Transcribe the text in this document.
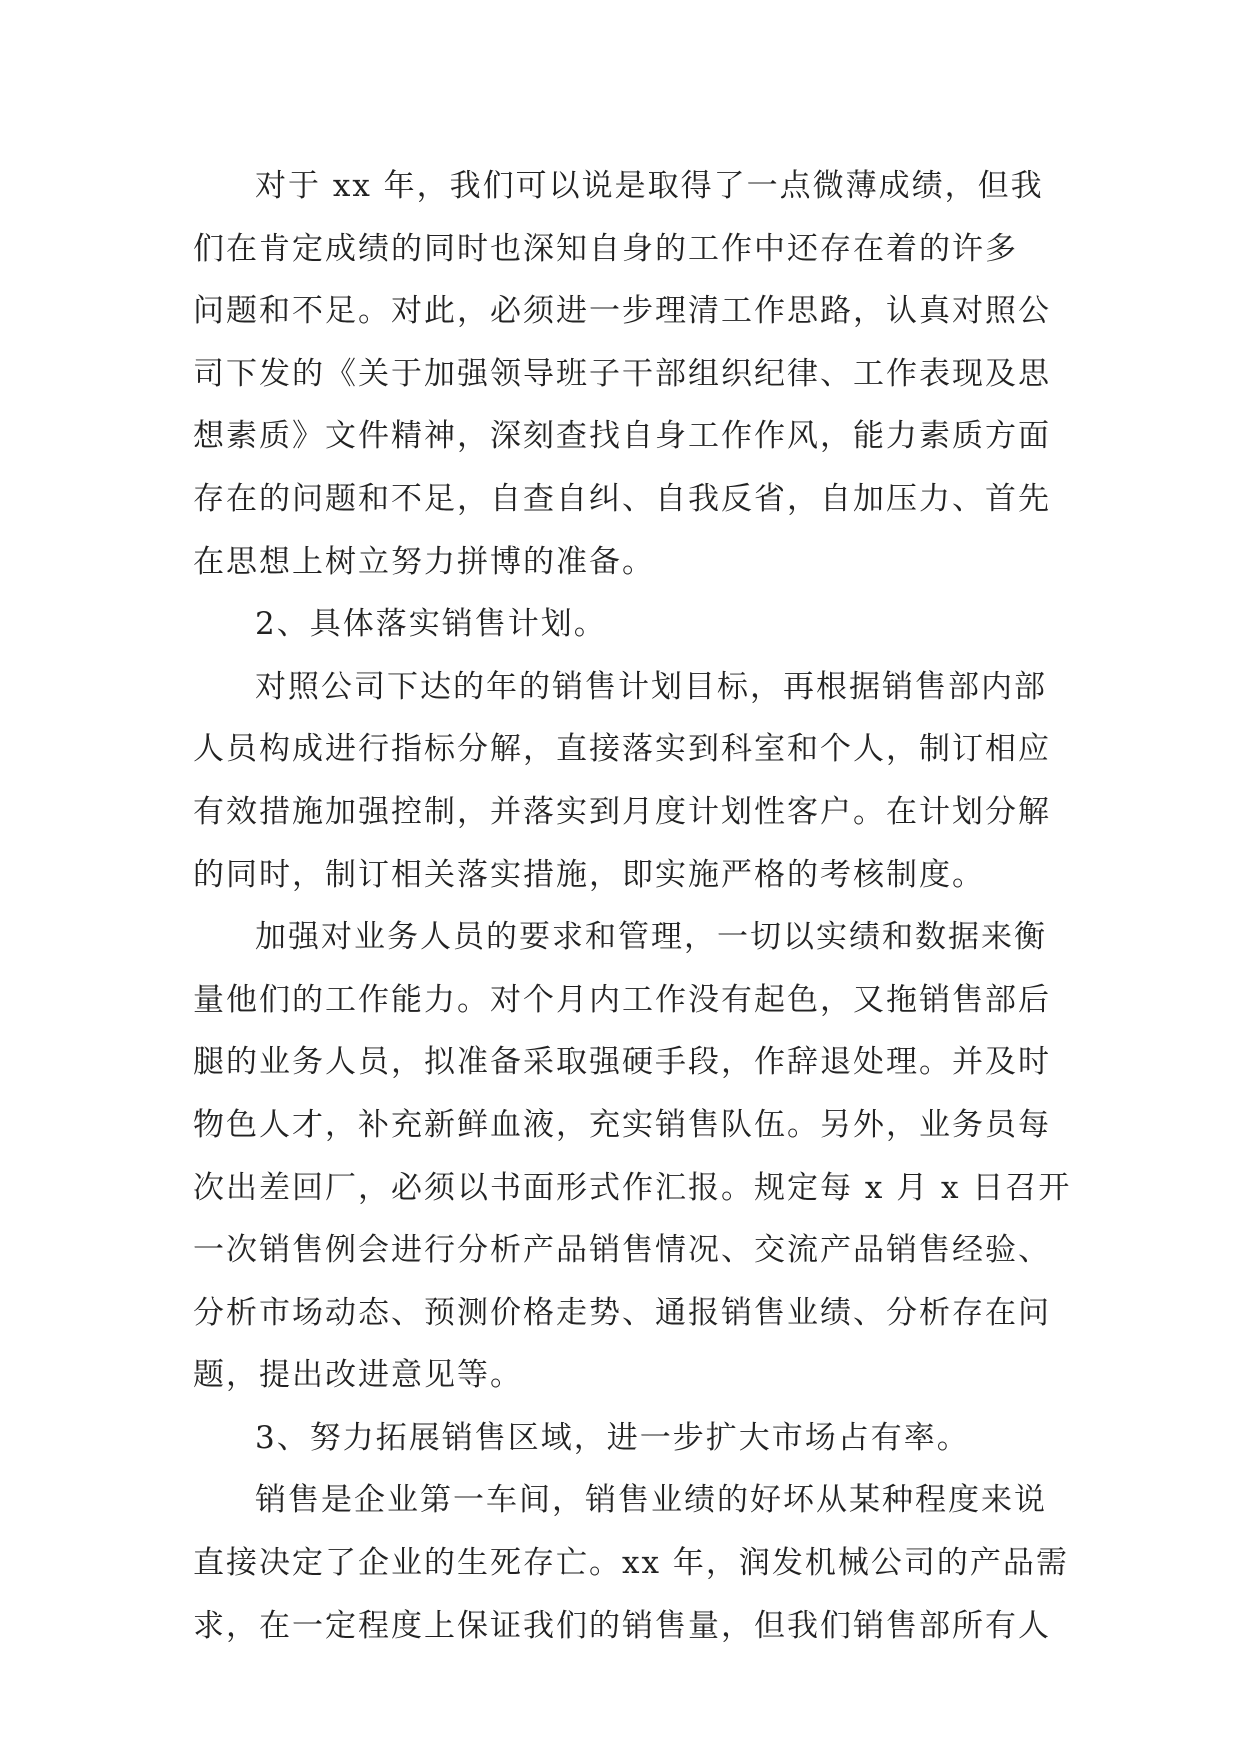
对于 xx 年，我们可以说是取得了一点微薄成绩，但我
们在肯定成绩的同时也深知自身的工作中还存在着的许多
问题和不足。对此，必须进一步理清工作思路，认真对照公
司下发的《关于加强领导班子干部组织纪律、工作表现及思
想素质》文件精神，深刻查找自身工作作风，能力素质方面
存在的问题和不足，自查自纠、自我反省，自加压力、首先
在思想上树立努力拼博的准备。
2、具体落实销售计划。
对照公司下达的年的销售计划目标，再根据销售部内部
人员构成进行指标分解，直接落实到科室和个人，制订相应
有效措施加强控制，并落实到月度计划性客户。在计划分解
的同时，制订相关落实措施，即实施严格的考核制度。
加强对业务人员的要求和管理，一切以实绩和数据来衡
量他们的工作能力。对个月内工作没有起色，又拖销售部后
腿的业务人员，拟准备采取强硬手段，作辞退处理。并及时
物色人才，补充新鲜血液，充实销售队伍。另外，业务员每
次出差回厂，必须以书面形式作汇报。规定每 x 月 x 日召开
一次销售例会进行分析产品销售情况、交流产品销售经验、
分析市场动态、预测价格走势、通报销售业绩、分析存在问
题，提出改进意见等。
3、努力拓展销售区域，进一步扩大市场占有率。
销售是企业第一车间，销售业绩的好坏从某种程度来说
直接决定了企业的生死存亡。xx 年，润发机械公司的产品需
求，在一定程度上保证我们的销售量，但我们销售部所有人
